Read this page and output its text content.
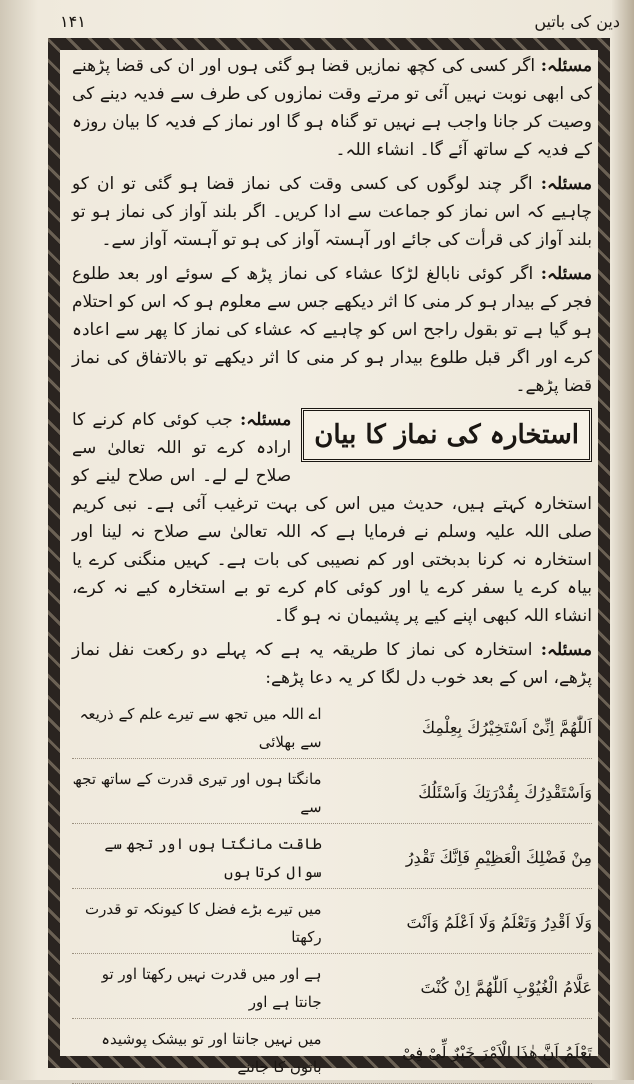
دین کی باتیں
۱۴۱

مسئلہ: اگر کسی کی کچھ نمازیں قضا ہو گئی ہوں اور ان کی قضا پڑھنے کی ابھی نوبت نہیں آئی تو مرتے وقت نمازوں کی طرف سے فدیہ دینے کی وصیت کر جانا واجب ہے نہیں تو گناہ ہو گا اور نماز کے فدیہ کا بیان روزہ کے فدیہ کے ساتھ آئے گا۔ انشاء اللہ۔

مسئلہ: اگر چند لوگوں کی کسی وقت کی نماز قضا ہو گئی تو ان کو چاہیے کہ اس نماز کو جماعت سے ادا کریں۔ اگر بلند آواز کی نماز ہو تو بلند آواز کی قرأت کی جائے اور آہستہ آواز کی ہو تو آہستہ آواز سے۔

مسئلہ: اگر کوئی نابالغ لڑکا عشاء کی نماز پڑھ کے سوئے اور بعد طلوع فجر کے بیدار ہو کر منی کا اثر دیکھے جس سے معلوم ہو کہ اس کو احتلام ہو گیا ہے تو بقول راجح اس کو چاہیے کہ عشاء کی نماز کا پھر سے اعادہ کرے اور اگر قبل طلوع بیدار ہو کر منی کا اثر دیکھے تو بالاتفاق کی نماز قضا پڑھے۔

استخارہ کی نماز کا بیان
مسئلہ: جب کوئی کام کرنے کا ارادہ کرے تو اللہ تعالیٰ سے صلاح لے لے۔ اس صلاح لینے کو استخارہ کہتے ہیں، حدیث میں اس کی بہت ترغیب آئی ہے۔ نبی کریم صلی اللہ علیہ وسلم نے فرمایا ہے کہ اللہ تعالیٰ سے صلاح نہ لینا اور استخارہ نہ کرنا بدبختی اور کم نصیبی کی بات ہے۔ کہیں منگنی کرے یا بیاہ کرے یا سفر کرے یا اور کوئی کام کرے تو بے استخارہ کیے نہ کرے، انشاء اللہ کبھی اپنے کیے پر پشیمان نہ ہو گا۔

مسئلہ: استخارہ کی نماز کا طریقہ یہ ہے کہ پہلے دو رکعت نفل نماز پڑھے، اس کے بعد خوب دل لگا کر یہ دعا پڑھے:

اَللّٰهُمَّ اِنِّیْ اَسْتَخِیْرُكَ بِعِلْمِكَ
اے اللہ میں تجھ سے تیرے علم کے ذریعہ سے بھلائی
وَاَسْتَقْدِرُكَ بِقُدْرَتِكَ وَاَسْئَلُكَ
مانگتا ہوں اور تیری قدرت کے ساتھ تجھ سے
مِنْ فَضْلِكَ الْعَظِیْمِ فَاِنَّكَ تَقْدِرُ
طاقت مانگتا ہوں اور تجھ سے سوال کرتا ہوں
وَلَا اَقْدِرُ وَتَعْلَمُ وَلَا اَعْلَمُ وَاَنْتَ
میں تیرے بڑے فضل کا کیونکہ تو قدرت رکھتا
عَلَّامُ الْغُیُوْبِ اَللّٰهُمَّ اِنْ كُنْتَ
ہے اور میں قدرت نہیں رکھتا اور تو جانتا ہے اور
تَعْلَمُ اَنَّ هٰذَا الْاَمْرَ خَیْرٌ لِّیْ فِیْ
میں نہیں جانتا اور تو بیشک پوشیدہ باتوں کا جاننے
